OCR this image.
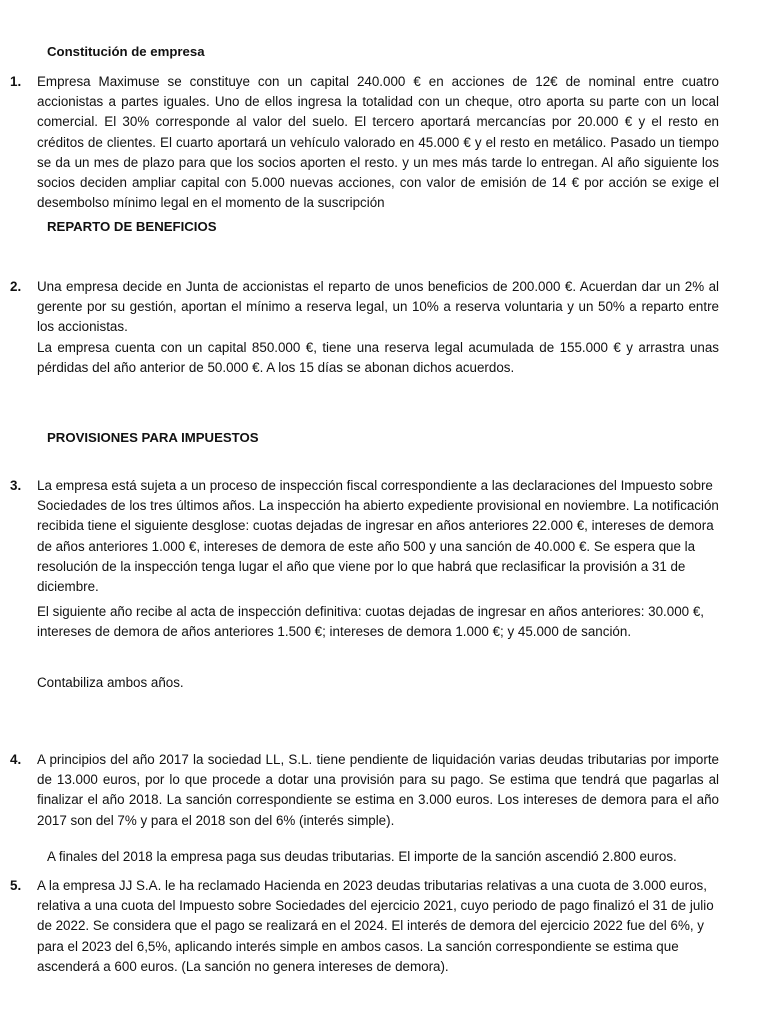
Constitución de empresa
1. Empresa Maximuse se constituye con un capital 240.000 € en acciones de 12€ de nominal entre cuatro accionistas a partes iguales. Uno de ellos ingresa la totalidad con un cheque, otro aporta su parte con un local comercial. El 30% corresponde al valor del suelo. El tercero aportará mercancías por 20.000 € y el resto en créditos de clientes. El cuarto aportará un vehículo valorado en 45.000 € y el resto en metálico. Pasado un tiempo se da un mes de plazo para que los socios aporten el resto. y un mes más tarde lo entregan. Al año siguiente los socios deciden ampliar capital con 5.000 nuevas acciones, con valor de emisión de 14 € por acción se exige el desembolso mínimo legal en el momento de la suscripción

REPARTO DE BENEFICIOS
2. Una empresa decide en Junta de accionistas el reparto de unos beneficios de 200.000 €. Acuerdan dar un 2% al gerente por su gestión, aportan el mínimo a reserva legal, un 10% a reserva voluntaria y un 50% a reparto entre los accionistas.

La empresa cuenta con un capital 850.000 €, tiene una reserva legal acumulada de 155.000 € y arrastra unas pérdidas del año anterior de 50.000 €. A los 15 días se abonan dichos acuerdos.

PROVISIONES PARA IMPUESTOS
3. La empresa está sujeta a un proceso de inspección fiscal correspondiente a las declaraciones del Impuesto sobre Sociedades de los tres últimos años. La inspección ha abierto expediente provisional en noviembre. La notificación recibida tiene el siguiente desglose: cuotas dejadas de ingresar en años anteriores 22.000 €, intereses de demora de años anteriores 1.000 €, intereses de demora de este año 500 y una sanción de 40.000 €. Se espera que la resolución de la inspección tenga lugar el año que viene por lo que habrá que reclasificar la provisión a 31 de diciembre.

El siguiente año recibe al acta de inspección definitiva: cuotas dejadas de ingresar en años anteriores: 30.000 €, intereses de demora de años anteriores 1.500 €; intereses de demora 1.000 €; y 45.000 de sanción.

Contabiliza ambos años.

4. A principios del año 2017 la sociedad LL, S.L. tiene pendiente de liquidación varias deudas tributarias por importe de 13.000 euros, por lo que procede a dotar una provisión para su pago. Se estima que tendrá que pagarlas al finalizar el año 2018. La sanción correspondiente se estima en 3.000 euros. Los intereses de demora para el año 2017 son del 7% y para el 2018 son del 6% (interés simple).

A finales del 2018 la empresa paga sus deudas tributarias. El importe de la sanción ascendió 2.800 euros.
5. A la empresa JJ S.A. le ha reclamado Hacienda en 2023 deudas tributarias relativas a una cuota de 3.000 euros, relativa a una cuota del Impuesto sobre Sociedades del ejercicio 2021, cuyo periodo de pago finalizó el 31 de julio de 2022. Se considera que el pago se realizará en el 2024. El interés de demora del ejercicio 2022 fue del 6%, y para el 2023 del 6,5%, aplicando interés simple en ambos casos. La sanción correspondiente se estima que ascenderá a 600 euros. (La sanción no genera intereses de demora).
